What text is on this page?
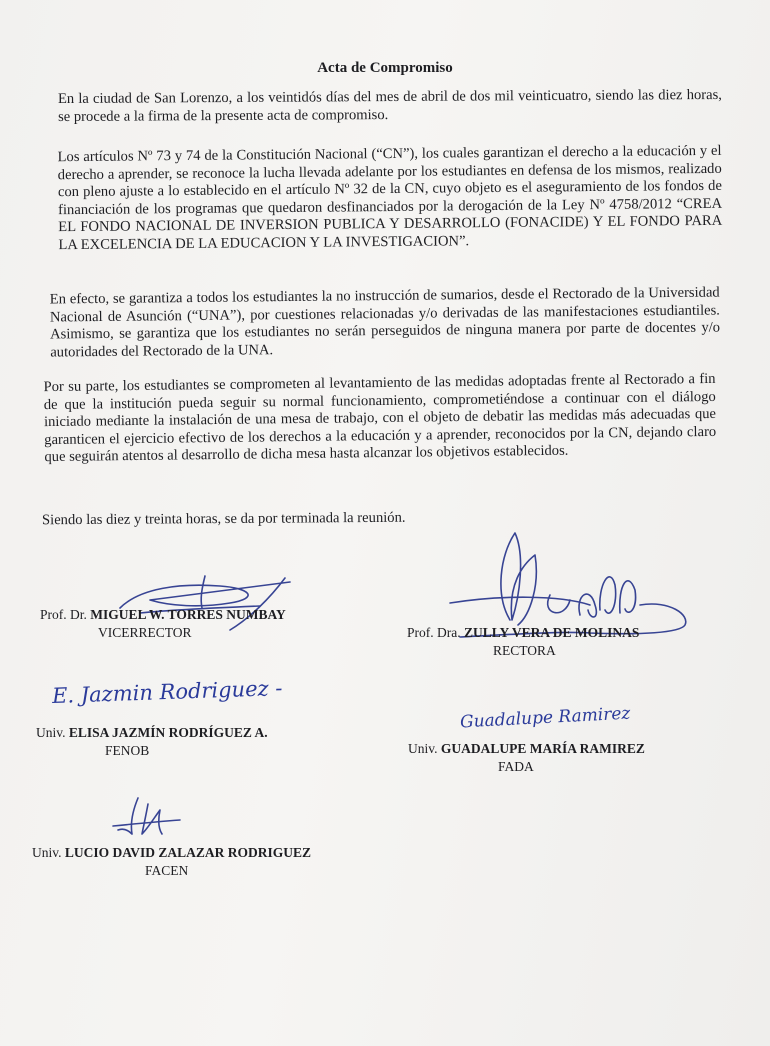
Acta de Compromiso

En la ciudad de San Lorenzo, a los veintidós días del mes de abril de dos mil veinticuatro, siendo las diez horas, se procede a la firma de la presente acta de compromiso.

Los artículos Nº 73 y 74 de la Constitución Nacional (“CN”), los cuales garantizan el derecho a la educación y el derecho a aprender, se reconoce la lucha llevada adelante por los estudiantes en defensa de los mismos, realizado con pleno ajuste a lo establecido en el artículo Nº 32 de la CN, cuyo objeto es el aseguramiento de los fondos de financiación de los programas que quedaron desfinanciados por la derogación de la Ley Nº 4758/2012 “CREA EL FONDO NACIONAL DE INVERSION PUBLICA Y DESARROLLO (FONACIDE) Y EL FONDO PARA LA EXCELENCIA DE LA EDUCACION Y LA INVESTIGACION”.

En efecto, se garantiza a todos los estudiantes la no instrucción de sumarios, desde el Rectorado de la Universidad Nacional de Asunción (“UNA”), por cuestiones relacionadas y/o derivadas de las manifestaciones estudiantiles. Asimismo, se garantiza que los estudiantes no serán perseguidos de ninguna manera por parte de docentes y/o autoridades del Rectorado de la UNA.

Por su parte, los estudiantes se comprometen al levantamiento de las medidas adoptadas frente al Rectorado a fin de que la institución pueda seguir su normal funcionamiento, comprometiéndose a continuar con el diálogo iniciado mediante la instalación de una mesa de trabajo, con el objeto de debatir las medidas más adecuadas que garanticen el ejercicio efectivo de los derechos a la educación y a aprender, reconocidos por la CN, dejando claro que seguirán atentos al desarrollo de dicha mesa hasta alcanzar los objetivos establecidos.

Siendo las diez y treinta horas, se da por terminada la reunión.
Prof. Dr. MIGUEL W. TORRES NUMBAY
VICERRECTOR	Prof. Dra. ZULLY VERA DE MOLINAS
RECTORA
E. Jazmin Rodriguez -
Univ. ELISA JAZMÍN RODRÍGUEZ A.
FENOB
Guadalupe Ramirez
Univ. GUADALUPE MARÍA RAMIREZ
FADA
Univ. LUCIO DAVID ZALAZAR RODRIGUEZ
FACEN
